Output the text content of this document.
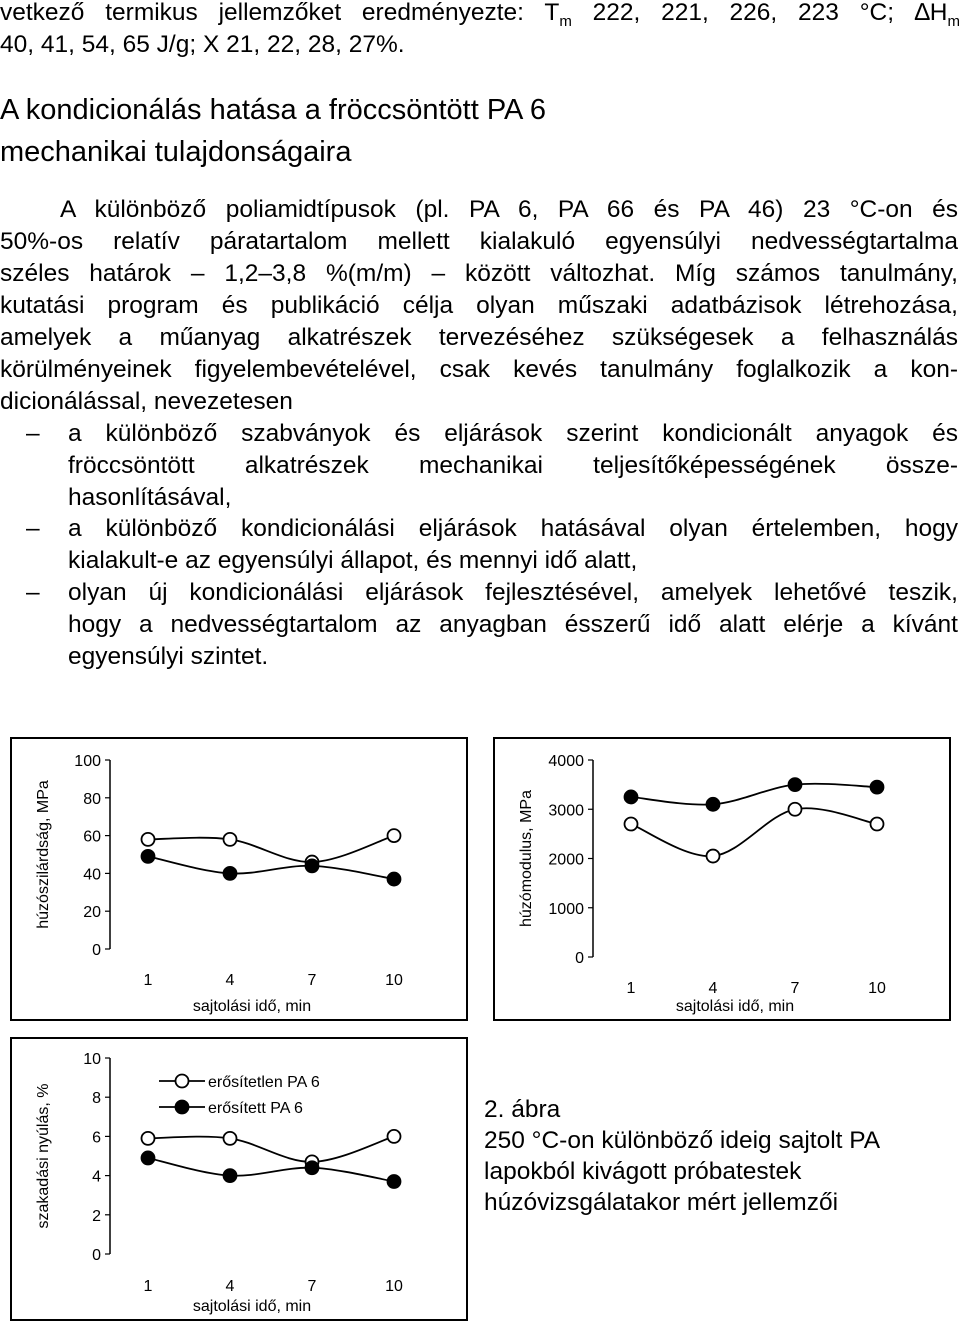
vetkező termikus jellemzőket eredményezte: $T_m$ 222, 221, 226, 223 °C; $\Delta H_m$
40, 41, 54, 65 J/g; X 21, 22, 28, 27%.
A kondicionálás hatása a fröccsöntött PA 6
mechanikai tulajdonságaira
A különböző poliamidtípusok (pl. PA 6, PA 66 és PA 46) 23 °C-on és
50%-os relatív páratartalom mellett kialakuló egyensúlyi nedvességtartalma
széles határok – 1,2–3,8 %(m/m) – között változhat. Míg számos tanulmány,
kutatási program és publikáció célja olyan műszaki adatbázisok létrehozása,
amelyek a műanyag alkatrészek tervezéséhez szükségesek a felhasználás
körülményeinek figyelembevételével, csak kevés tanulmány foglalkozik a kon-
dicionálással, nevezetesen
– a különböző szabványok és eljárások szerint kondicionált anyagok és
fröccsöntött alkatrészek mechanikai teljesítőképességének össze-
hasonlításával,
– a különböző kondicionálási eljárások hatásával olyan értelemben, hogy
kialakult-e az egyensúlyi állapot, és mennyi idő alatt,
– olyan új kondicionálási eljárások fejlesztésével, amelyek lehetővé teszik,
hogy a nedvességtartalom az anyagban ésszerű idő alatt elérje a kívánt
egyensúlyi szintet.
0
20
40
60
80
100
1	4	7	10
sajtolási idő, min
húzószilárdság, MPa
0
1000
2000
3000
4000
1	4	7	10
sajtolási idő, min
húzómodulus, MPa
0
2
4
6
8
10
1	4	7	10
sajtolási idő, min
szakadási nyúlás, %
erősítetlen PA 6
erősített PA 6	2. ábra
250 °C-on különböző ideig sajtolt PA
lapokból kivágott próbatestek
húzóvizsgálatakor mért jellemzői
